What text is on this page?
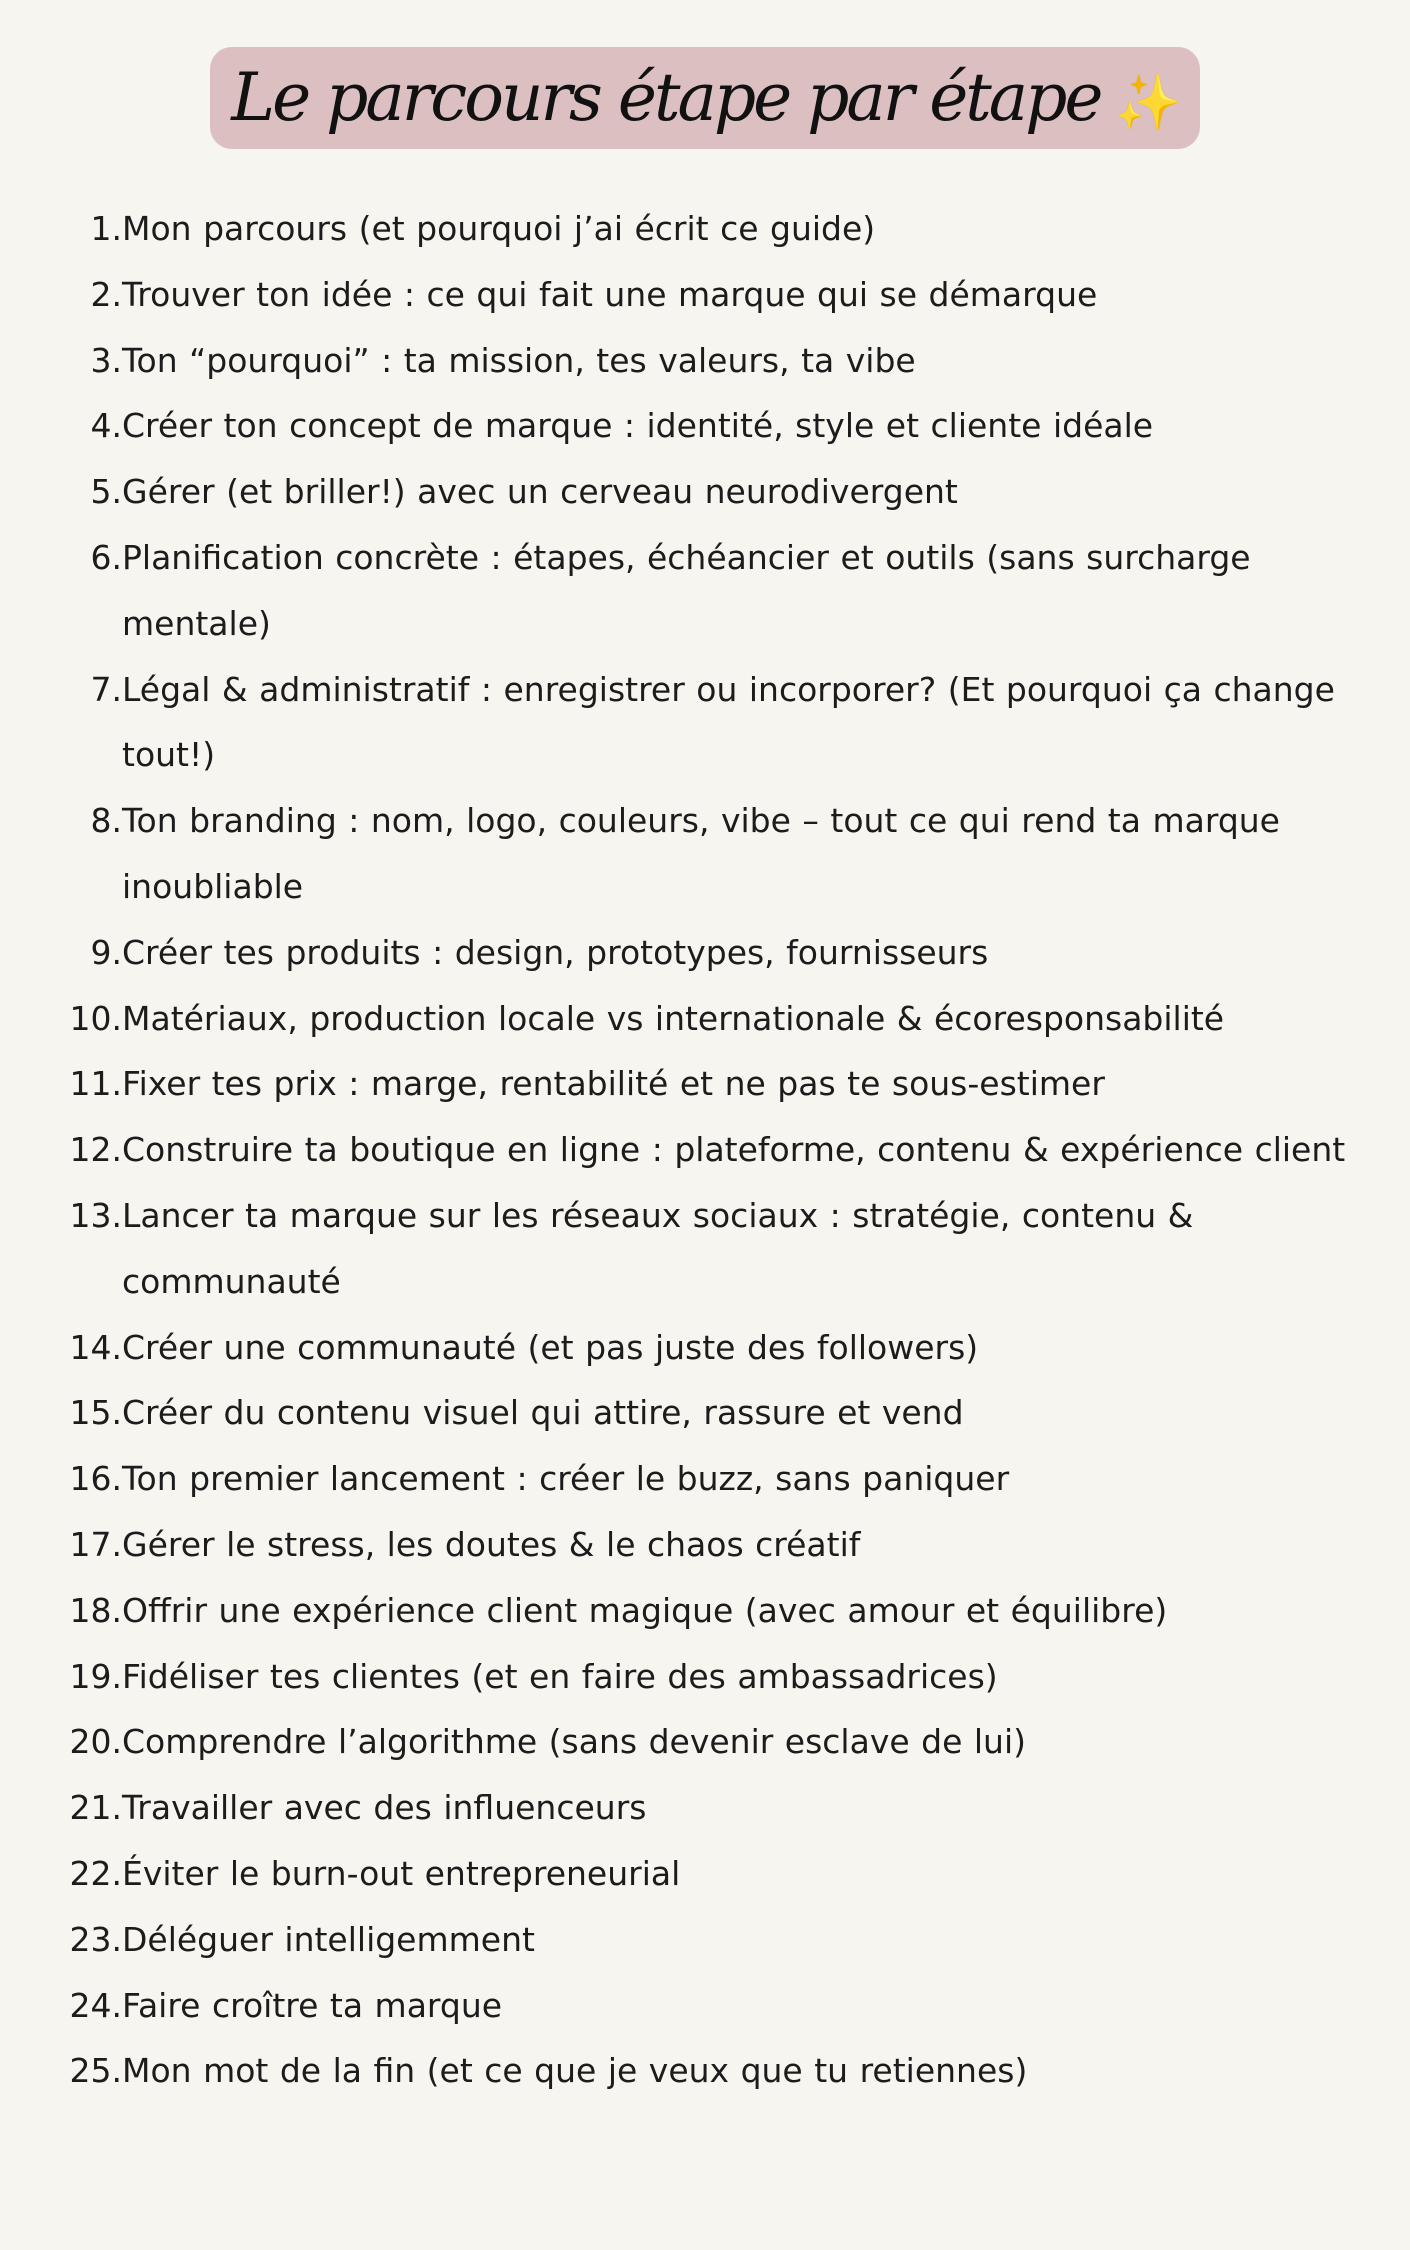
Le parcours étape par étape ✨
1. Mon parcours (et pourquoi j’ai écrit ce guide)
2. Trouver ton idée : ce qui fait une marque qui se démarque
3. Ton “pourquoi” : ta mission, tes valeurs, ta vibe
4. Créer ton concept de marque : identité, style et cliente idéale
5. Gérer (et briller!) avec un cerveau neurodivergent
6. Planification concrète : étapes, échéancier et outils (sans surcharge mentale)
7. Légal & administratif : enregistrer ou incorporer? (Et pourquoi ça change tout!)
8. Ton branding : nom, logo, couleurs, vibe – tout ce qui rend ta marque inoubliable
9. Créer tes produits : design, prototypes, fournisseurs
10. Matériaux, production locale vs internationale & écoresponsabilité
11. Fixer tes prix : marge, rentabilité et ne pas te sous-estimer
12. Construire ta boutique en ligne : plateforme, contenu & expérience client
13. Lancer ta marque sur les réseaux sociaux : stratégie, contenu & communauté
14. Créer une communauté (et pas juste des followers)
15. Créer du contenu visuel qui attire, rassure et vend
16. Ton premier lancement : créer le buzz, sans paniquer
17. Gérer le stress, les doutes & le chaos créatif
18. Offrir une expérience client magique (avec amour et équilibre)
19. Fidéliser tes clientes (et en faire des ambassadrices)
20. Comprendre l’algorithme (sans devenir esclave de lui)
21. Travailler avec des influenceurs
22. Éviter le burn-out entrepreneurial
23. Déléguer intelligemment
24. Faire croître ta marque
25. Mon mot de la fin (et ce que je veux que tu retiennes)
